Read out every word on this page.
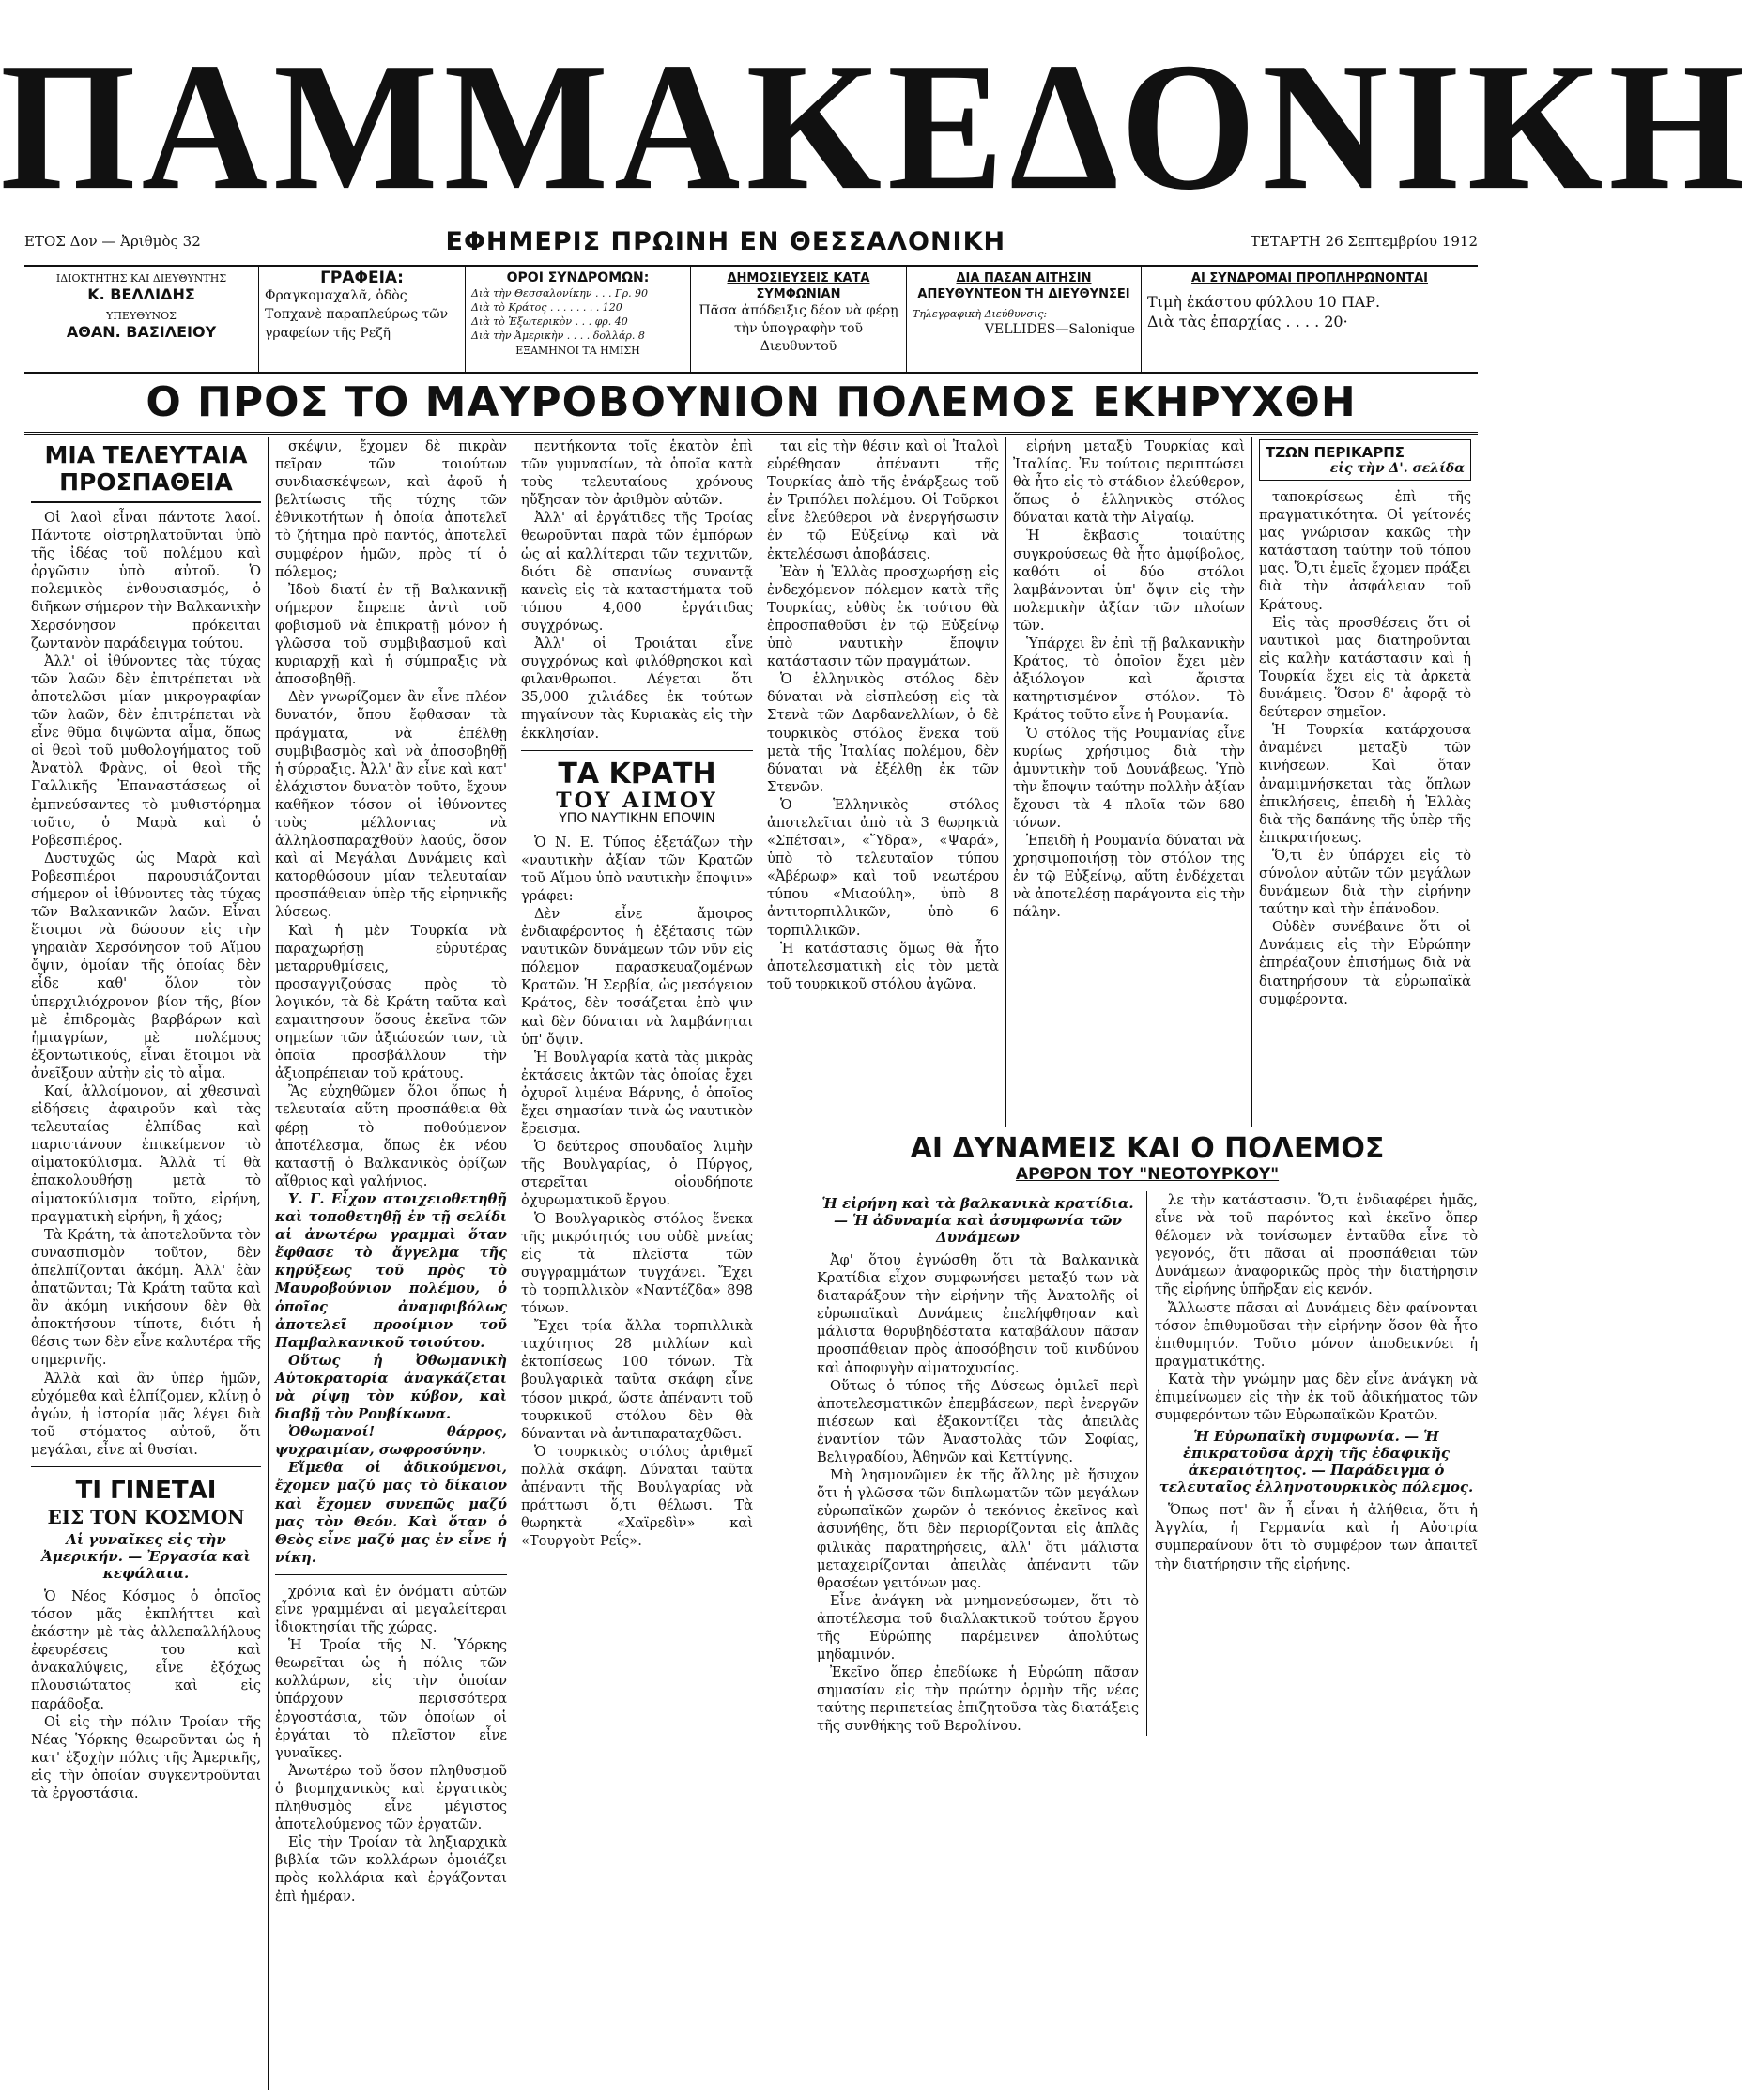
ΠΑΜΜΑΚΕΔΟΝΙΚΗ
ΕΤΟΣ Δον — Ἀριθμὸς 32	ΕΦΗΜΕΡΙΣ ΠΡΩΙΝΗ ΕΝ ΘΕΣΣΑΛΟΝΙΚΗ	ΤΕΤΑΡΤΗ 26 Σεπτεμβρίου 1912
ΙΔΙΟΚΤΗΤΗΣ ΚΑΙ ΔΙΕΥΘΥΝΤΗΣ
Κ. ΒΕΛΛΙΔΗΣ
ΥΠΕΥΘΥΝΟΣ
ΑΘΑΝ. ΒΑΣΙΛΕΙΟΥ
ΓΡΑΦΕΙΑ:
Φραγκομαχαλᾶ, ὁδὸς Τοπχανὲ παραπλεύρως τῶν γραφείων τῆς Ρεζῆ
ΟΡΟΙ ΣΥΝΔΡΟΜΩΝ:
Διὰ τὴν Θεσσαλονίκην . . . Γρ. 90
Διὰ τὸ Κράτος . . . . . . . . 120
Διὰ τὸ Ἐξωτερικὸν . . . φρ. 40
Διὰ τὴν Ἀμερικὴν . . . . δολλάρ. 8
ΕΞΑΜΗΝΟΙ ΤΑ ΗΜΙΣΗ
ΔΗΜΟΣΙΕΥΣΕΙΣ ΚΑΤΑ ΣΥΜΦΩΝΙΑΝ
Πᾶσα ἀπόδειξις δέον νὰ φέρῃ τὴν ὑπογραφὴν τοῦ Διευθυντοῦ
ΔΙΑ ΠΑΣΑΝ ΑΙΤΗΣΙΝ ΑΠΕΥΘΥΝΤΕΟΝ ΤΗ ΔΙΕΥΘΥΝΣΕΙ
Τηλεγραφικὴ Διεύθυνσις:
VELLIDES—Salonique
ΑΙ ΣΥΝΔΡΟΜΑΙ ΠΡΟΠΛΗΡΩΝΟΝΤΑΙ
Τιμὴ ἑκάστου φύλλου 10 ΠΑΡ.
Διὰ τὰς ἐπαρχίας . . . . 20·
Ο ΠΡΟΣ ΤΟ ΜΑΥΡΟΒΟΥΝΙΟΝ ΠΟΛΕΜΟΣ ΕΚΗΡΥΧΘΗ
ΜΙΑ ΤΕΛΕΥΤΑΙΑ ΠΡΟΣΠΑΘΕΙΑ

Οἱ λαοὶ εἶναι πάντοτε λαοί. Πάντοτε οἰστρηλατοῦνται ὑπὸ τῆς ἰδέας τοῦ πολέμου καὶ ὀργῶσιν ὑπὸ αὐτοῦ. Ὁ πολεμικὸς ἐνθουσιασμός, ὁ διῆκων σήμερον τὴν Βαλκανικὴν Χερσόνησον πρόκειται ζωντανὸν παράδειγμα τούτου.

Ἀλλ' οἱ ἰθύνοντες τὰς τύχας τῶν λαῶν δὲν ἐπιτρέπεται νὰ ἀποτελῶσι μίαν μικρογραφίαν τῶν λαῶν, δὲν ἐπιτρέπεται νὰ εἶνε θῦμα διψῶντα αἷμα, ὅπως οἱ θεοὶ τοῦ μυθολογήματος τοῦ Ἀνατὸλ Φρὰνς, οἱ θεοὶ τῆς Γαλλικῆς Ἐπαναστάσεως οἱ ἐμπνεύσαντες τὸ μυθιστόρημα τοῦτο, ὁ Μαρὰ καὶ ὁ Ροβεσπιέρος.

Δυστυχῶς ὡς Μαρὰ καὶ Ροβεσπιέροι παρουσιάζονται σήμερον οἱ ἰθύνοντες τὰς τύχας τῶν Βαλκανικῶν λαῶν. Εἶναι ἕτοιμοι νὰ δώσουν εἰς τὴν γηραιὰν Χερσόνησον τοῦ Αἵμου ὄψιν, ὁμοίαν τῆς ὁποίας δὲν εἶδε καθ' ὅλον τὸν ὑπερχιλιόχρονον βίον τῆς, βίον μὲ ἐπιδρομὰς βαρβάρων καὶ ἡμιαγρίων, μὲ πολέμους ἐξοντωτικούς, εἶναι ἕτοιμοι νὰ ἀνεῖξουν αὐτὴν εἰς τὸ αἷμα.

Καί, ἀλλοίμονον, αἱ χθεσιναὶ εἰδήσεις ἀφαιροῦν καὶ τὰς τελευταίας ἐλπίδας καὶ παριστάνουν ἐπικείμενον τὸ αἱματοκύλισμα. Ἀλλὰ τί θὰ ἐπακολουθήσῃ μετὰ τὸ αἱματοκύλισμα τοῦτο, εἰρήνη, πραγματικὴ εἰρήνη, ἢ χάος;

Τὰ Κράτη, τὰ ἀποτελοῦντα τὸν συνασπισμὸν τοῦτον, δὲν ἀπελπίζονται ἀκόμη. Ἀλλ' ἐὰν ἀπατῶνται; Τὰ Κράτη ταῦτα καὶ ἂν ἀκόμη νικήσουν δὲν θὰ ἀποκτήσουν τίποτε, διότι ἡ θέσις των δὲν εἶνε καλυτέρα τῆς σημερινῆς.

Ἀλλὰ καὶ ἂν ὑπὲρ ἡμῶν, εὐχόμεθα καὶ ἐλπίζομεν, κλίνῃ ὁ ἀγών, ἡ ἱστορία μᾶς λέγει διὰ τοῦ στόματος αὐτοῦ, ὅτι μεγάλαι, εἶνε αἱ θυσίαι.

ΤΙ ΓΙΝΕΤΑΙ
ΕΙΣ ΤΟΝ ΚΟΣΜΟΝ
Αἱ γυναῖκες εἰς τὴν Ἀμερικήν. — Ἐργασία καὶ κεφάλαια.

Ὁ Νέος Κόσμος ὁ ὁποῖος τόσον μᾶς ἐκπλήττει καὶ ἐκάστην μὲ τὰς ἀλλεπαλλήλους ἐφευρέσεις του καὶ ἀνακαλύψεις, εἶνε ἐξόχως πλουσιώτατος καὶ εἰς παράδοξα.

Οἱ εἰς τὴν πόλιν Τροίαν τῆς Νέας Ὑόρκης θεωροῦνται ὡς ἡ κατ' ἐξοχὴν πόλις τῆς Ἀμερικῆς, εἰς τὴν ὁποίαν συγκεντροῦνται τὰ ἐργοστάσια.

σκέψιν, ἔχομεν δὲ πικρὰν πεῖραν τῶν τοιούτων συνδιασκέψεων, καὶ ἀφοῦ ἡ βελτίωσις τῆς τύχης τῶν ἐθνικοτήτων ἡ ὁποία ἀποτελεῖ τὸ ζήτημα πρὸ παντός, ἀποτελεῖ συμφέρον ἡμῶν, πρὸς τί ὁ πόλεμος;

Ἰδοὺ διατί ἐν τῇ Βαλκανικῇ σήμερον ἔπρεπε ἀντὶ τοῦ φοβισμοῦ νὰ ἐπικρατῇ μόνον ἡ γλῶσσα τοῦ συμβιβασμοῦ καὶ κυριαρχῇ καὶ ἡ σύμπραξις νὰ ἀποσοβηθῇ.

Δὲν γνωρίζομεν ἂν εἶνε πλέον δυνατόν, ὅπου ἔφθασαν τὰ πράγματα, νὰ ἐπέλθῃ συμβιβασμὸς καὶ νὰ ἀποσοβηθῇ ἡ σύρραξις. Ἀλλ' ἂν εἶνε καὶ κατ' ἐλάχιστον δυνατὸν τοῦτο, ἔχουν καθῆκον τόσον οἱ ἰθύνοντες τοὺς μέλλοντας νὰ ἀλληλοσπαραχθοῦν λαούς, ὅσον καὶ αἱ Μεγάλαι Δυνάμεις καὶ κατορθώσουν μίαν τελευταίαν προσπάθειαν ὑπὲρ τῆς εἰρηνικῆς λύσεως.

Καὶ ἡ μὲν Τουρκία νὰ παραχωρήσῃ εὐρυτέρας μεταρρυθμίσεις, προσαγγιζούσας πρὸς τὸ λογικόν, τὰ δὲ Κράτη ταῦτα καὶ εαμαιτησουν ὅσους ἐκεῖνα τῶν σημείων τῶν ἀξιώσεών των, τὰ ὁποῖα προσβάλλουν τὴν ἀξιοπρέπειαν τοῦ κράτους.

Ἂς εὐχηθῶμεν ὅλοι ὅπως ἡ τελευταία αὕτη προσπάθεια θὰ φέρῃ τὸ ποθούμενον ἀποτέλεσμα, ὅπως ἐκ νέου καταστῇ ὁ Βαλκανικὸς ὁρίζων αἴθριος καὶ γαλήνιος.

Υ. Γ. Εἶχον στοιχειοθετηθῇ καὶ τοποθετηθῇ ἐν τῇ σελίδι αἱ ἀνωτέρω γραμμαὶ ὅταν ἔφθασε τὸ ἄγγελμα τῆς κηρύξεως τοῦ πρὸς τὸ Μαυροβούνιον πολέμου, ὁ ὁποῖος ἀναμφιβόλως ἀποτελεῖ προοίμιον τοῦ Παμβαλκανικοῦ τοιούτου.

Οὕτως ἡ Ὀθωμανικὴ Αὐτοκρατορία ἀναγκάζεται νὰ ρίψῃ τὸν κύβον, καὶ διαβῇ τὸν Ρουβίκωνα.

Ὀθωμανοί! θάρρος, ψυχραιμίαν, σωφροσύνην.

Εἴμεθα οἱ ἀδικούμενοι, ἔχομεν μαζύ μας τὸ δίκαιον καὶ ἔχομεν συνεπῶς μαζύ μας τὸν Θεόν. Καὶ ὅταν ὁ Θεὸς εἶνε μαζύ μας ἐν εἶνε ἡ νίκη.

χρόνια καὶ ἐν ὀνόματι αὐτῶν εἶνε γραμμέναι αἱ μεγαλείτεραι ἰδιοκτησίαι τῆς χώρας.

Ἡ Τροία τῆς Ν. Ὑόρκης θεωρεῖται ὡς ἡ πόλις τῶν κολλάρων, εἰς τὴν ὁποίαν ὑπάρχουν περισσότερα ἐργοστάσια, τῶν ὁποίων οἱ ἐργάται τὸ πλεῖστον εἶνε γυναῖκες.

Ἀνωτέρω τοῦ ὅσον πληθυσμοῦ ὁ βιομηχανικὸς καὶ ἐργατικὸς πληθυσμὸς εἶνε μέγιστος ἀποτελούμενος τῶν ἐργατῶν.

Εἰς τὴν Τροίαν τὰ ληξιαρχικὰ βιβλία τῶν κολλάρων ὁμοιάζει πρὸς κολλάρια καὶ ἐργάζονται ἐπὶ ἡμέραν.

πεντήκοντα τοῖς ἑκατὸν ἐπὶ τῶν γυμνασίων, τὰ ὁποῖα κατὰ τοὺς τελευταίους χρόνους ηὔξησαν τὸν ἀριθμὸν αὐτῶν.

Ἀλλ' αἱ ἐργάτιδες τῆς Τροίας θεωροῦνται παρὰ τῶν ἐμπόρων ὡς αἱ καλλίτεραι τῶν τεχνιτῶν, διότι δὲ σπανίως συναντᾷ κανεὶς εἰς τὰ καταστήματα τοῦ τόπου 4,000 ἐργάτιδας συγχρόνως.

Ἀλλ' οἱ Τροιάται εἶνε συγχρόνως καὶ φιλόθρησκοι καὶ φιλανθρωποι. Λέγεται ὅτι 35,000 χιλιάδες ἐκ τούτων πηγαίνουν τὰς Κυριακὰς εἰς τὴν ἐκκλησίαν.

ΤΑ ΚΡΑΤΗ
ΤΟΥ ΑΙΜΟΥ
ΥΠΟ ΝΑΥΤΙΚΗΝ ΕΠΟΨΙΝ

Ὁ Ν. Ε. Τύπος ἐξετάζων τὴν «ναυτικὴν ἀξίαν τῶν Κρατῶν τοῦ Αἵμου ὑπὸ ναυτικὴν ἔποψιν» γράφει:

Δὲν εἶνε ἄμοιρος ἐνδιαφέροντος ἡ ἐξέτασις τῶν ναυτικῶν δυνάμεων τῶν νῦν εἰς πόλεμον παρασκευαζομένων Κρατῶν. Ἡ Σερβία, ὡς μεσόγειον Κράτος, δὲν τοσάζεται ἐπὸ ψιν καὶ δὲν δύναται νὰ λαμβάνηται ὑπ' ὄψιν.

Ἡ Βουλγαρία κατὰ τὰς μικρὰς ἐκτάσεις ἀκτῶν τὰς ὁποίας ἔχει ὀχυροῖ λιμένα Βάρνης, ὁ ὁποῖος ἔχει σημασίαν τινὰ ὡς ναυτικὸν ἔρεισμα.

Ὁ δεύτερος σπουδαῖος λιμὴν τῆς Βουλγαρίας, ὁ Πύργος, στερεῖται οἱουδήποτε ὀχυρωματικοῦ ἔργου.

Ὁ Βουλγαρικὸς στόλος ἕνεκα τῆς μικρότητός του οὐδὲ μνείας εἰς τὰ πλεῖστα τῶν συγγραμμάτων τυγχάνει. Ἔχει τὸ τορπιλλικὸν «Ναντέζδα» 898 τόνων.

Ἔχει τρία ἄλλα τορπιλλικὰ ταχύτητος 28 μιλλίων καὶ ἐκτοπίσεως 100 τόνων. Τὰ βουλγαρικὰ ταῦτα σκάφη εἶνε τόσον μικρά, ὥστε ἀπέναντι τοῦ τουρκικοῦ στόλου δὲν θὰ δύνανται νὰ ἀντιπαραταχθῶσι.

Ὁ τουρκικὸς στόλος ἀριθμεῖ πολλὰ σκάφη. Δύναται ταῦτα ἀπέναντι τῆς Βουλγαρίας νὰ πράττωσι ὅ,τι θέλωσι. Τὰ θωρηκτὰ «Χαϊρεδὶν» καὶ «Τουργοὺτ Ρεΐς».

ται εἰς τὴν θέσιν καὶ οἱ Ἰταλοὶ εὑρέθησαν ἀπέναντι τῆς Τουρκίας ἀπὸ τῆς ἐνάρξεως τοῦ ἐν Τριπόλει πολέμου. Οἱ Τοῦρκοι εἶνε ἐλεύθεροι νὰ ἐνεργήσωσιν ἐν τῷ Εὐξείνῳ καὶ νὰ ἐκτελέσωσι ἀποβάσεις.

Ἐὰν ἡ Ἑλλὰς προσχωρήσῃ εἰς ἐνδεχόμενον πόλεμον κατὰ τῆς Τουρκίας, εὐθὺς ἐκ τούτου θὰ ἐπροσπαθοῦσι ἐν τῷ Εὐξείνῳ ὑπὸ ναυτικὴν ἔποψιν κατάστασιν τῶν πραγμάτων.

Ὁ ἑλληνικὸς στόλος δὲν δύναται νὰ εἰσπλεύσῃ εἰς τὰ Στενὰ τῶν Δαρδανελλίων, ὁ δὲ τουρκικὸς στόλος ἕνεκα τοῦ μετὰ τῆς Ἰταλίας πολέμου, δὲν δύναται νὰ ἐξέλθῃ ἐκ τῶν Στενῶν.

Ὁ Ἑλληνικὸς στόλος ἀποτελεῖται ἀπὸ τὰ 3 θωρηκτὰ «Σπέτσαι», «Ὕδρα», «Ψαρά», ὑπὸ τὸ τελευταῖον τύπου «Ἀβέρωφ» καὶ τοῦ νεωτέρου τύπου «Μιαούλη», ὑπὸ 8 ἀντιτορπιλλικῶν, ὑπὸ 6 τορπιλλικῶν.

Ἡ κατάστασις ὅμως θὰ ἦτο ἀποτελεσματικὴ εἰς τὸν μετὰ τοῦ τουρκικοῦ στόλου ἀγῶνα.

εἰρήνη μεταξὺ Τουρκίας καὶ Ἰταλίας. Ἐν τούτοις περιπτώσει θὰ ἦτο εἰς τὸ στάδιον ἐλεύθερον, ὅπως ὁ ἑλληνικὸς στόλος δύναται κατὰ τὴν Αἰγαίῳ.

Ἡ ἔκβασις τοιαύτης συγκρούσεως θὰ ἦτο ἀμφίβολος, καθότι οἱ δύο στόλοι λαμβάνονται ὑπ' ὄψιν εἰς τὴν πολεμικὴν ἀξίαν τῶν πλοίων τῶν.

Ὑπάρχει ἓν ἐπὶ τῇ βαλκανικὴν Κράτος, τὸ ὁποῖον ἔχει μὲν ἀξιόλογον καὶ ἄριστα κατηρτισμένον στόλον. Τὸ Κράτος τοῦτο εἶνε ἡ Ρουμανία.

Ὁ στόλος τῆς Ρουμανίας εἶνε κυρίως χρήσιμος διὰ τὴν ἀμυντικὴν τοῦ Δουνάβεως. Ὑπὸ τὴν ἔποψιν ταύτην πολλὴν ἀξίαν ἔχουσι τὰ 4 πλοῖα τῶν 680 τόνων.

Ἐπειδὴ ἡ Ρουμανία δύναται νὰ χρησιμοποιήσῃ τὸν στόλον της ἐν τῷ Εὐξείνῳ, αὕτη ἐνδέχεται νὰ ἀποτελέσῃ παράγοντα εἰς τὴν πάλην.

ΤΖΩΝ ΠΕΡΙΚΑΡΠΣ
εἰς τὴν Δ'. σελίδα

ταποκρίσεως ἐπὶ τῆς πραγματικότητα. Οἱ γείτονές μας γνώρισαν κακῶς τὴν κατάσταση ταύτην τοῦ τόπου μας. Ὅ,τι ἐμεῖς ἔχομεν πράξει διὰ τὴν ἀσφάλειαν τοῦ Κράτους.

Εἰς τὰς προσθέσεις ὅτι οἱ ναυτικοὶ μας διατηροῦνται εἰς καλὴν κατάστασιν καὶ ἡ Τουρκία ἔχει εἰς τὰ ἀρκετὰ δυνάμεις. Ὅσον δ' ἀφορᾷ τὸ δεύτερον σημεῖον.

Ἡ Τουρκία κατάρχουσα ἀναμένει μεταξὺ τῶν κινήσεων. Καὶ ὅταν ἀναμιμνήσκεται τὰς ὅπλων ἐπικλήσεις, ἐπειδὴ ἡ Ἑλλὰς διὰ τῆς δαπάνης τῆς ὑπὲρ τῆς ἐπικρατήσεως.

Ὅ,τι ἐν ὑπάρχει εἰς τὸ σύνολον αὐτῶν τῶν μεγάλων δυνάμεων διὰ τὴν εἰρήνην ταύτην καὶ τὴν ἐπάνοδον.

Οὐδὲν συνέβαινε ὅτι οἱ Δυνάμεις εἰς τὴν Εὐρώπην ἐπηρέαζουν ἐπισήμως διὰ νὰ διατηρήσουν τὰ εὐρωπαϊκὰ συμφέροντα.

ΑΙ ΔΥΝΑΜΕΙΣ ΚΑΙ Ο ΠΟΛΕΜΟΣ
ΑΡΘΡΟΝ ΤΟΥ "ΝΕΟΤΟΥΡΚΟΥ"
Ἡ εἰρήνη καὶ τὰ βαλκανικὰ κρατίδια. — Ἡ ἀδυναμία καὶ ἀσυμφωνία τῶν Δυνάμεων

Ἀφ' ὅτου ἐγνώσθη ὅτι τὰ Βαλκανικὰ Κρατίδια εἶχον συμφωνήσει μεταξύ των νὰ διαταράξουν τὴν εἰρήνην τῆς Ἀνατολῆς οἱ εὐρωπαϊκαὶ Δυνάμεις ἐπελήφθησαν καὶ μάλιστα θορυβηδέστατα καταβάλουν πᾶσαν προσπάθειαν πρὸς ἀποσόβησιν τοῦ κινδύνου καὶ ἀποφυγὴν αἱματοχυσίας.

Οὕτως ὁ τύπος τῆς Δύσεως ὁμιλεῖ περὶ ἀποτελεσματικῶν ἐπεμβάσεων, περὶ ἐνεργῶν πιέσεων καὶ ἐξακοντίζει τὰς ἀπειλὰς ἐναντίον τῶν Ἀναστολὰς τῶν Σοφίας, Βελιγραδίου, Ἀθηνῶν καὶ Κεττίγνης.

Μὴ λησμονῶμεν ἐκ τῆς ἄλλης μὲ ἥσυχον ὅτι ἡ γλῶσσα τῶν διπλωματῶν τῶν μεγάλων εὐρωπαϊκῶν χωρῶν ὁ τεκόνιος ἐκεῖνος καὶ ἀσυνήθης, ὅτι δὲν περιορίζονται εἰς ἁπλᾶς φιλικὰς παρατηρήσεις, ἀλλ' ὅτι μάλιστα μεταχειρίζονται ἀπειλὰς ἀπέναντι τῶν θρασέων γειτόνων μας.

Εἶνε ἀνάγκη νὰ μνημονεύσωμεν, ὅτι τὸ ἀποτέλεσμα τοῦ διαλλακτικοῦ τούτου ἔργου τῆς Εὐρώπης παρέμεινεν ἀπολύτως μηδαμινόν.

Ἐκεῖνο ὅπερ ἐπεδίωκε ἡ Εὐρώπη πᾶσαν σημασίαν εἰς τὴν πρώτην ὁρμὴν τῆς νέας ταύτης περιπετείας ἐπιζητοῦσα τὰς διατάξεις τῆς συνθήκης τοῦ Βερολίνου.

λε τὴν κατάστασιν. Ὅ,τι ἐνδιαφέρει ἡμᾶς, εἶνε νὰ τοῦ παρόντος καὶ ἐκεῖνο ὅπερ θέλομεν νὰ τονίσωμεν ἐνταῦθα εἶνε τὸ γεγονός, ὅτι πᾶσαι αἱ προσπάθειαι τῶν Δυνάμεων ἀναφορικῶς πρὸς τὴν διατήρησιν τῆς εἰρήνης ὑπῆρξαν εἰς κενόν.

Ἄλλωστε πᾶσαι αἱ Δυνάμεις δὲν φαίνονται τόσον ἐπιθυμοῦσαι τὴν εἰρήνην ὅσον θὰ ἦτο ἐπιθυμητόν. Τοῦτο μόνον ἀποδεικνύει ἡ πραγματικότης.

Κατὰ τὴν γνώμην μας δὲν εἶνε ἀνάγκη νὰ ἐπιμείνωμεν εἰς τὴν ἐκ τοῦ ἀδικήματος τῶν συμφερόντων τῶν Εὐρωπαϊκῶν Κρατῶν.

Ἡ Εὐρωπαϊκὴ συμφωνία. — Ἡ ἐπικρατοῦσα ἀρχὴ τῆς ἐδαφικῆς ἀκεραιότητος. — Παράδειγμα ὁ τελευταῖος ἑλληνοτουρκικὸς πόλεμος.

Ὅπως ποτ' ἂν ἦ εἶναι ἡ ἀλήθεια, ὅτι ἡ Ἀγγλία, ἡ Γερμανία καὶ ἡ Αὐστρία συμπεραίνουν ὅτι τὸ συμφέρον των ἀπαιτεῖ τὴν διατήρησιν τῆς εἰρήνης.
